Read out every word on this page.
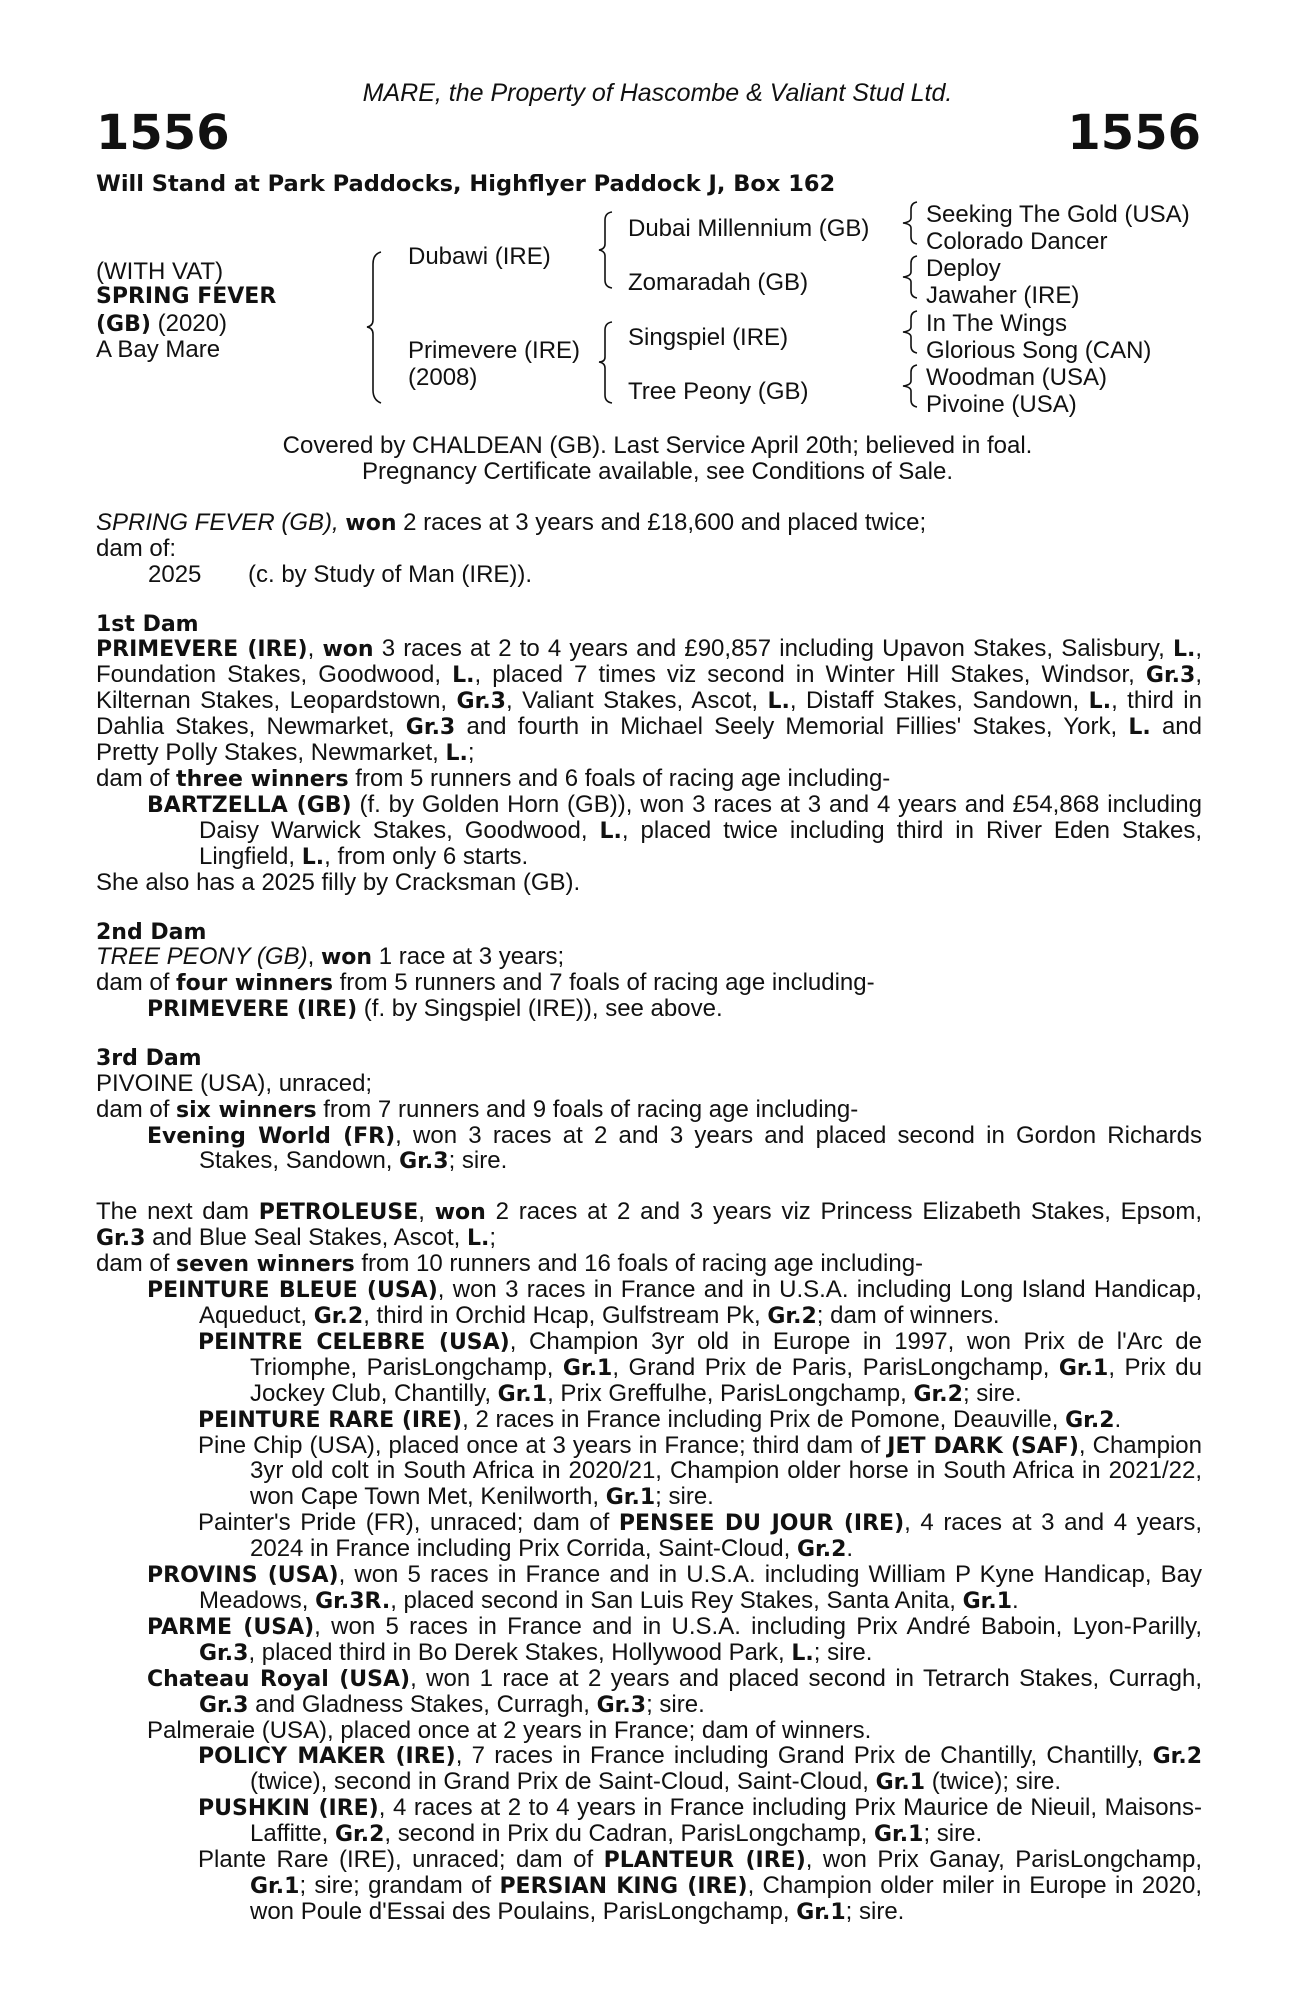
MARE, the Property of Hascombe & Valiant Stud Ltd.
1556	1556
Will Stand at Park Paddocks, Highflyer Paddock J, Box 162
(WITH VAT)
SPRING FEVER
(GB) (2020)
A Bay Mare
Dubawi (IRE)
Primevere (IRE)
(2008)
Dubai Millennium (GB)
Zomaradah (GB)
Singspiel (IRE)
Tree Peony (GB)
Seeking The Gold (USA)
Colorado Dancer
Deploy
Jawaher (IRE)
In The Wings
Glorious Song (CAN)
Woodman (USA)
Pivoine (USA)
Covered by CHALDEAN (GB). Last Service April 20th; believed in foal.
Pregnancy Certificate available, see Conditions of Sale.

SPRING FEVER (GB), won 2 races at 3 years and £18,600 and placed twice;

dam of:

2025 (c. by Study of Man (IRE)).

1st Dam

PRIMEVERE (IRE), won 3 races at 2 to 4 years and £90,857 including Upavon Stakes, Salisbury, L., Foundation Stakes, Goodwood, L., placed 7 times viz second in Winter Hill Stakes, Windsor, Gr.3, Kilternan Stakes, Leopardstown, Gr.3, Valiant Stakes, Ascot, L., Distaff Stakes, Sandown, L., third in Dahlia Stakes, Newmarket, Gr.3 and fourth in Michael Seely Memorial Fillies' Stakes, York, L. and Pretty Polly Stakes, Newmarket, L.;

dam of three winners from 5 runners and 6 foals of racing age including-

BARTZELLA (GB) (f. by Golden Horn (GB)), won 3 races at 3 and 4 years and £54,868 including Daisy Warwick Stakes, Goodwood, L., placed twice including third in River Eden Stakes, Lingfield, L., from only 6 starts.

She also has a 2025 filly by Cracksman (GB).

2nd Dam

TREE PEONY (GB), won 1 race at 3 years;

dam of four winners from 5 runners and 7 foals of racing age including-

PRIMEVERE (IRE) (f. by Singspiel (IRE)), see above.

3rd Dam

PIVOINE (USA), unraced;

dam of six winners from 7 runners and 9 foals of racing age including-

Evening World (FR), won 3 races at 2 and 3 years and placed second in Gordon Richards Stakes, Sandown, Gr.3; sire.

The next dam PETROLEUSE, won 2 races at 2 and 3 years viz Princess Elizabeth Stakes, Epsom, Gr.3 and Blue Seal Stakes, Ascot, L.;

dam of seven winners from 10 runners and 16 foals of racing age including-

PEINTURE BLEUE (USA), won 3 races in France and in U.S.A. including Long Island Handicap, Aqueduct, Gr.2, third in Orchid Hcap, Gulfstream Pk, Gr.2; dam of winners.

PEINTRE CELEBRE (USA), Champion 3yr old in Europe in 1997, won Prix de l'Arc de Triomphe, ParisLongchamp, Gr.1, Grand Prix de Paris, ParisLongchamp, Gr.1, Prix du Jockey Club, Chantilly, Gr.1, Prix Greffulhe, ParisLongchamp, Gr.2; sire.

PEINTURE RARE (IRE), 2 races in France including Prix de Pomone, Deauville, Gr.2.

Pine Chip (USA), placed once at 3 years in France; third dam of JET DARK (SAF), Champion 3yr old colt in South Africa in 2020/21, Champion older horse in South Africa in 2021/22, won Cape Town Met, Kenilworth, Gr.1; sire.

Painter's Pride (FR), unraced; dam of PENSEE DU JOUR (IRE), 4 races at 3 and 4 years, 2024 in France including Prix Corrida, Saint-Cloud, Gr.2.

PROVINS (USA), won 5 races in France and in U.S.A. including William P Kyne Handicap, Bay Meadows, Gr.3R., placed second in San Luis Rey Stakes, Santa Anita, Gr.1.

PARME (USA), won 5 races in France and in U.S.A. including Prix André Baboin, Lyon-Parilly, Gr.3, placed third in Bo Derek Stakes, Hollywood Park, L.; sire.

Chateau Royal (USA), won 1 race at 2 years and placed second in Tetrarch Stakes, Curragh, Gr.3 and Gladness Stakes, Curragh, Gr.3; sire.

Palmeraie (USA), placed once at 2 years in France; dam of winners.

POLICY MAKER (IRE), 7 races in France including Grand Prix de Chantilly, Chantilly, Gr.2 (twice), second in Grand Prix de Saint-Cloud, Saint-Cloud, Gr.1 (twice); sire.

PUSHKIN (IRE), 4 races at 2 to 4 years in France including Prix Maurice de Nieuil, Maisons-Laffitte, Gr.2, second in Prix du Cadran, ParisLongchamp, Gr.1; sire.

Plante Rare (IRE), unraced; dam of PLANTEUR (IRE), won Prix Ganay, ParisLongchamp, Gr.1; sire; grandam of PERSIAN KING (IRE), Champion older miler in Europe in 2020, won Poule d'Essai des Poulains, ParisLongchamp, Gr.1; sire.
